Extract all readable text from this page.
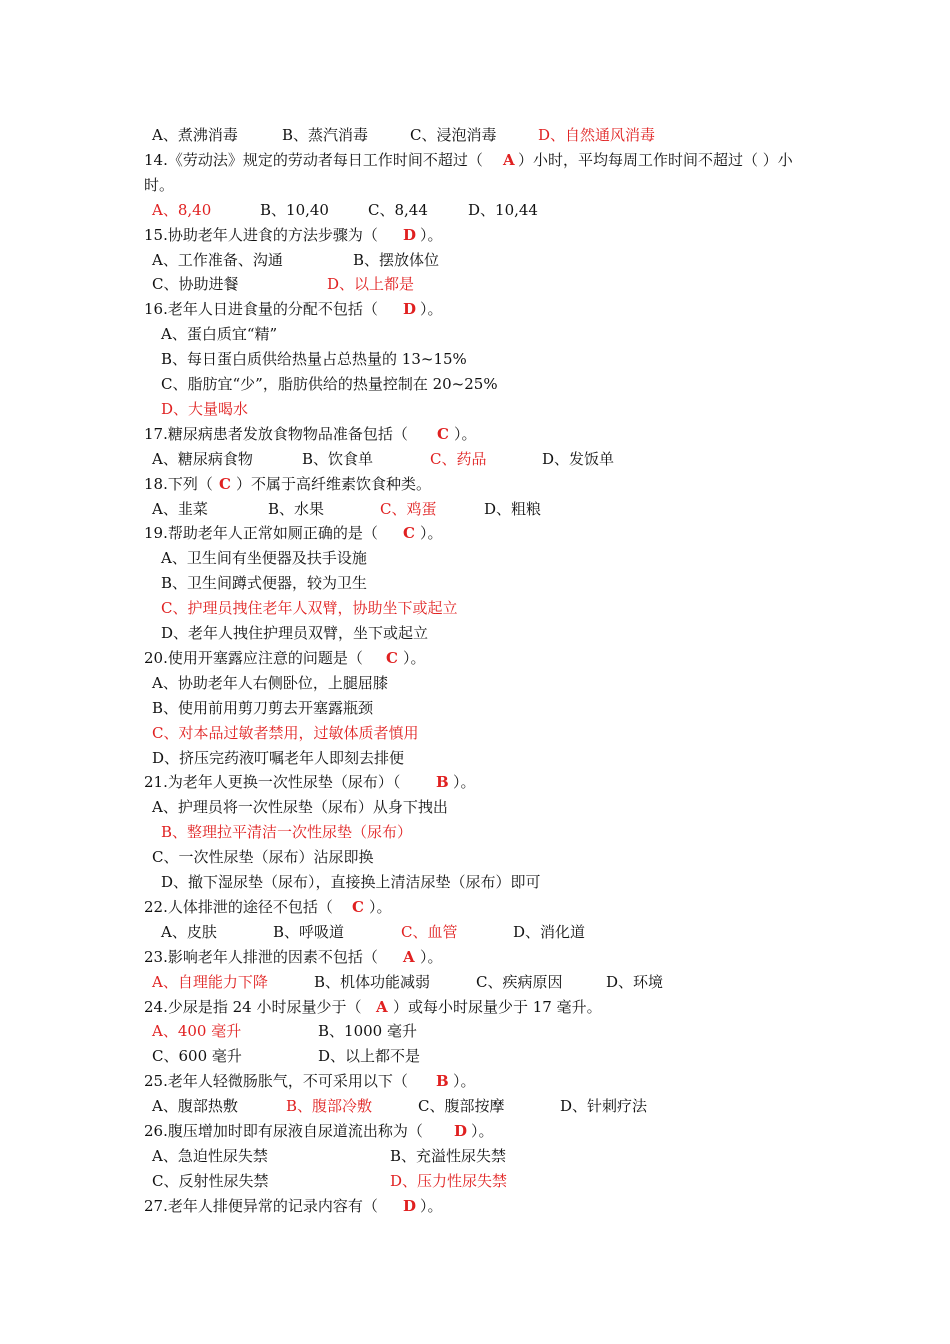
A、煮沸消毒	B、蒸汽消毒	C、浸泡消毒	D、自然通风消毒
14.《劳动法》规定的劳动者每日工作时间不超过（ A ）小时，平均每周工作时间不超过（ ）小
时。
A、8,40	B、10,40	C、8,44	D、10,44
15.协助老年人进食的方法步骤为（ D ）。
A、工作准备、沟通	B、摆放体位
C、协助进餐	D、以上都是
16.老年人日进食量的分配不包括（ D ）。
A、蛋白质宜“精”
B、每日蛋白质供给热量占总热量的 13~15%
C、脂肪宜“少”，脂肪供给的热量控制在 20~25%
D、大量喝水
17.糖尿病患者发放食物物品准备包括（ C ）。
A、糖尿病食物	B、饮食单	C、药品	D、发饭单
18.下列（ C ）不属于高纤维素饮食种类。
A、韭菜	B、水果	C、鸡蛋	D、粗粮
19.帮助老年人正常如厕正确的是（ C ）。
A、卫生间有坐便器及扶手设施
B、卫生间蹲式便器，较为卫生
C、护理员拽住老年人双臂，协助坐下或起立
D、老年人拽住护理员双臂，坐下或起立
20.使用开塞露应注意的问题是（ C ）。
A、协助老年人右侧卧位，上腿屈膝
B、使用前用剪刀剪去开塞露瓶颈
C、对本品过敏者禁用，过敏体质者慎用
D、挤压完药液叮嘱老年人即刻去排便
21.为老年人更换一次性尿垫（尿布）（ B ）。
A、护理员将一次性尿垫（尿布）从身下拽出
B、整理拉平清洁一次性尿垫（尿布）
C、一次性尿垫（尿布）沾尿即换
D、撤下湿尿垫（尿布），直接换上清洁尿垫（尿布）即可
22.人体排泄的途径不包括（ C ）。
A、皮肤	B、呼吸道	C、血管	D、消化道
23.影响老年人排泄的因素不包括（ A ）。
A、自理能力下降	B、机体功能减弱	C、疾病原因	D、环境
24.少尿是指 24 小时尿量少于（ A ）或每小时尿量少于 17 毫升。
A、400 毫升	B、1000 毫升
C、600 毫升	D、以上都不是
25.老年人轻微肠胀气，不可采用以下（ B ）。
A、腹部热敷	B、腹部冷敷	C、腹部按摩	D、针刺疗法
26.腹压增加时即有尿液自尿道流出称为（ D ）。
A、急迫性尿失禁	B、充溢性尿失禁
C、反射性尿失禁	D、压力性尿失禁
27.老年人排便异常的记录内容有（ D ）。
